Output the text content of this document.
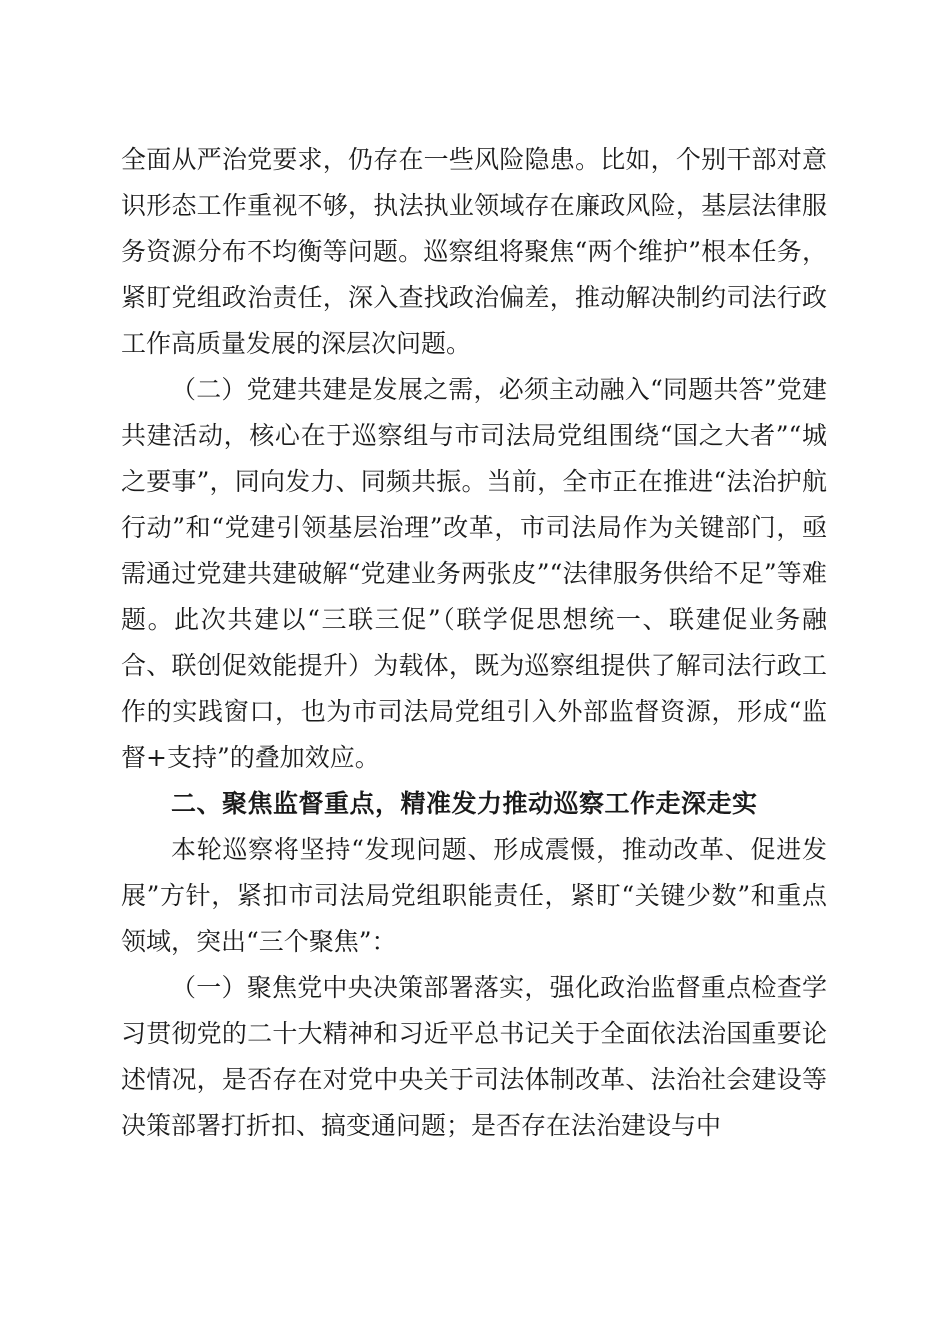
全面从严治党要求，仍存在一些风险隐患。比如，个别干部对意识形态工作重视不够，执法执业领域存在廉政风险，基层法律服务资源分布不均衡等问题。巡察组将聚焦“两个维护”根本任务，紧盯党组政治责任，深入查找政治偏差，推动解决制约司法行政工作高质量发展的深层次问题。

（二）党建共建是发展之需，必须主动融入“同题共答”党建共建活动，核心在于巡察组与市司法局党组围绕“国之大者”“城之要事”，同向发力、同频共振。当前，全市正在推进“法治护航行动”和“党建引领基层治理”改革，市司法局作为关键部门，亟需通过党建共建破解“党建业务两张皮”“法律服务供给不足”等难题。此次共建以“三联三促”（联学促思想统一、联建促业务融合、联创促效能提升）为载体，既为巡察组提供了解司法行政工作的实践窗口，也为市司法局党组引入外部监督资源，形成“监督+支持”的叠加效应。

二、聚焦监督重点，精准发力推动巡察工作走深走实

本轮巡察将坚持“发现问题、形成震慑，推动改革、促进发展”方针，紧扣市司法局党组职能责任，紧盯“关键少数”和重点领域，突出“三个聚焦”：

（一）聚焦党中央决策部署落实，强化政治监督重点检查学习贯彻党的二十大精神和习近平总书记关于全面依法治国重要论述情况，是否存在对党中央关于司法体制改革、法治社会建设等决策部署打折扣、搞变通问题；是否存在法治建设与中
